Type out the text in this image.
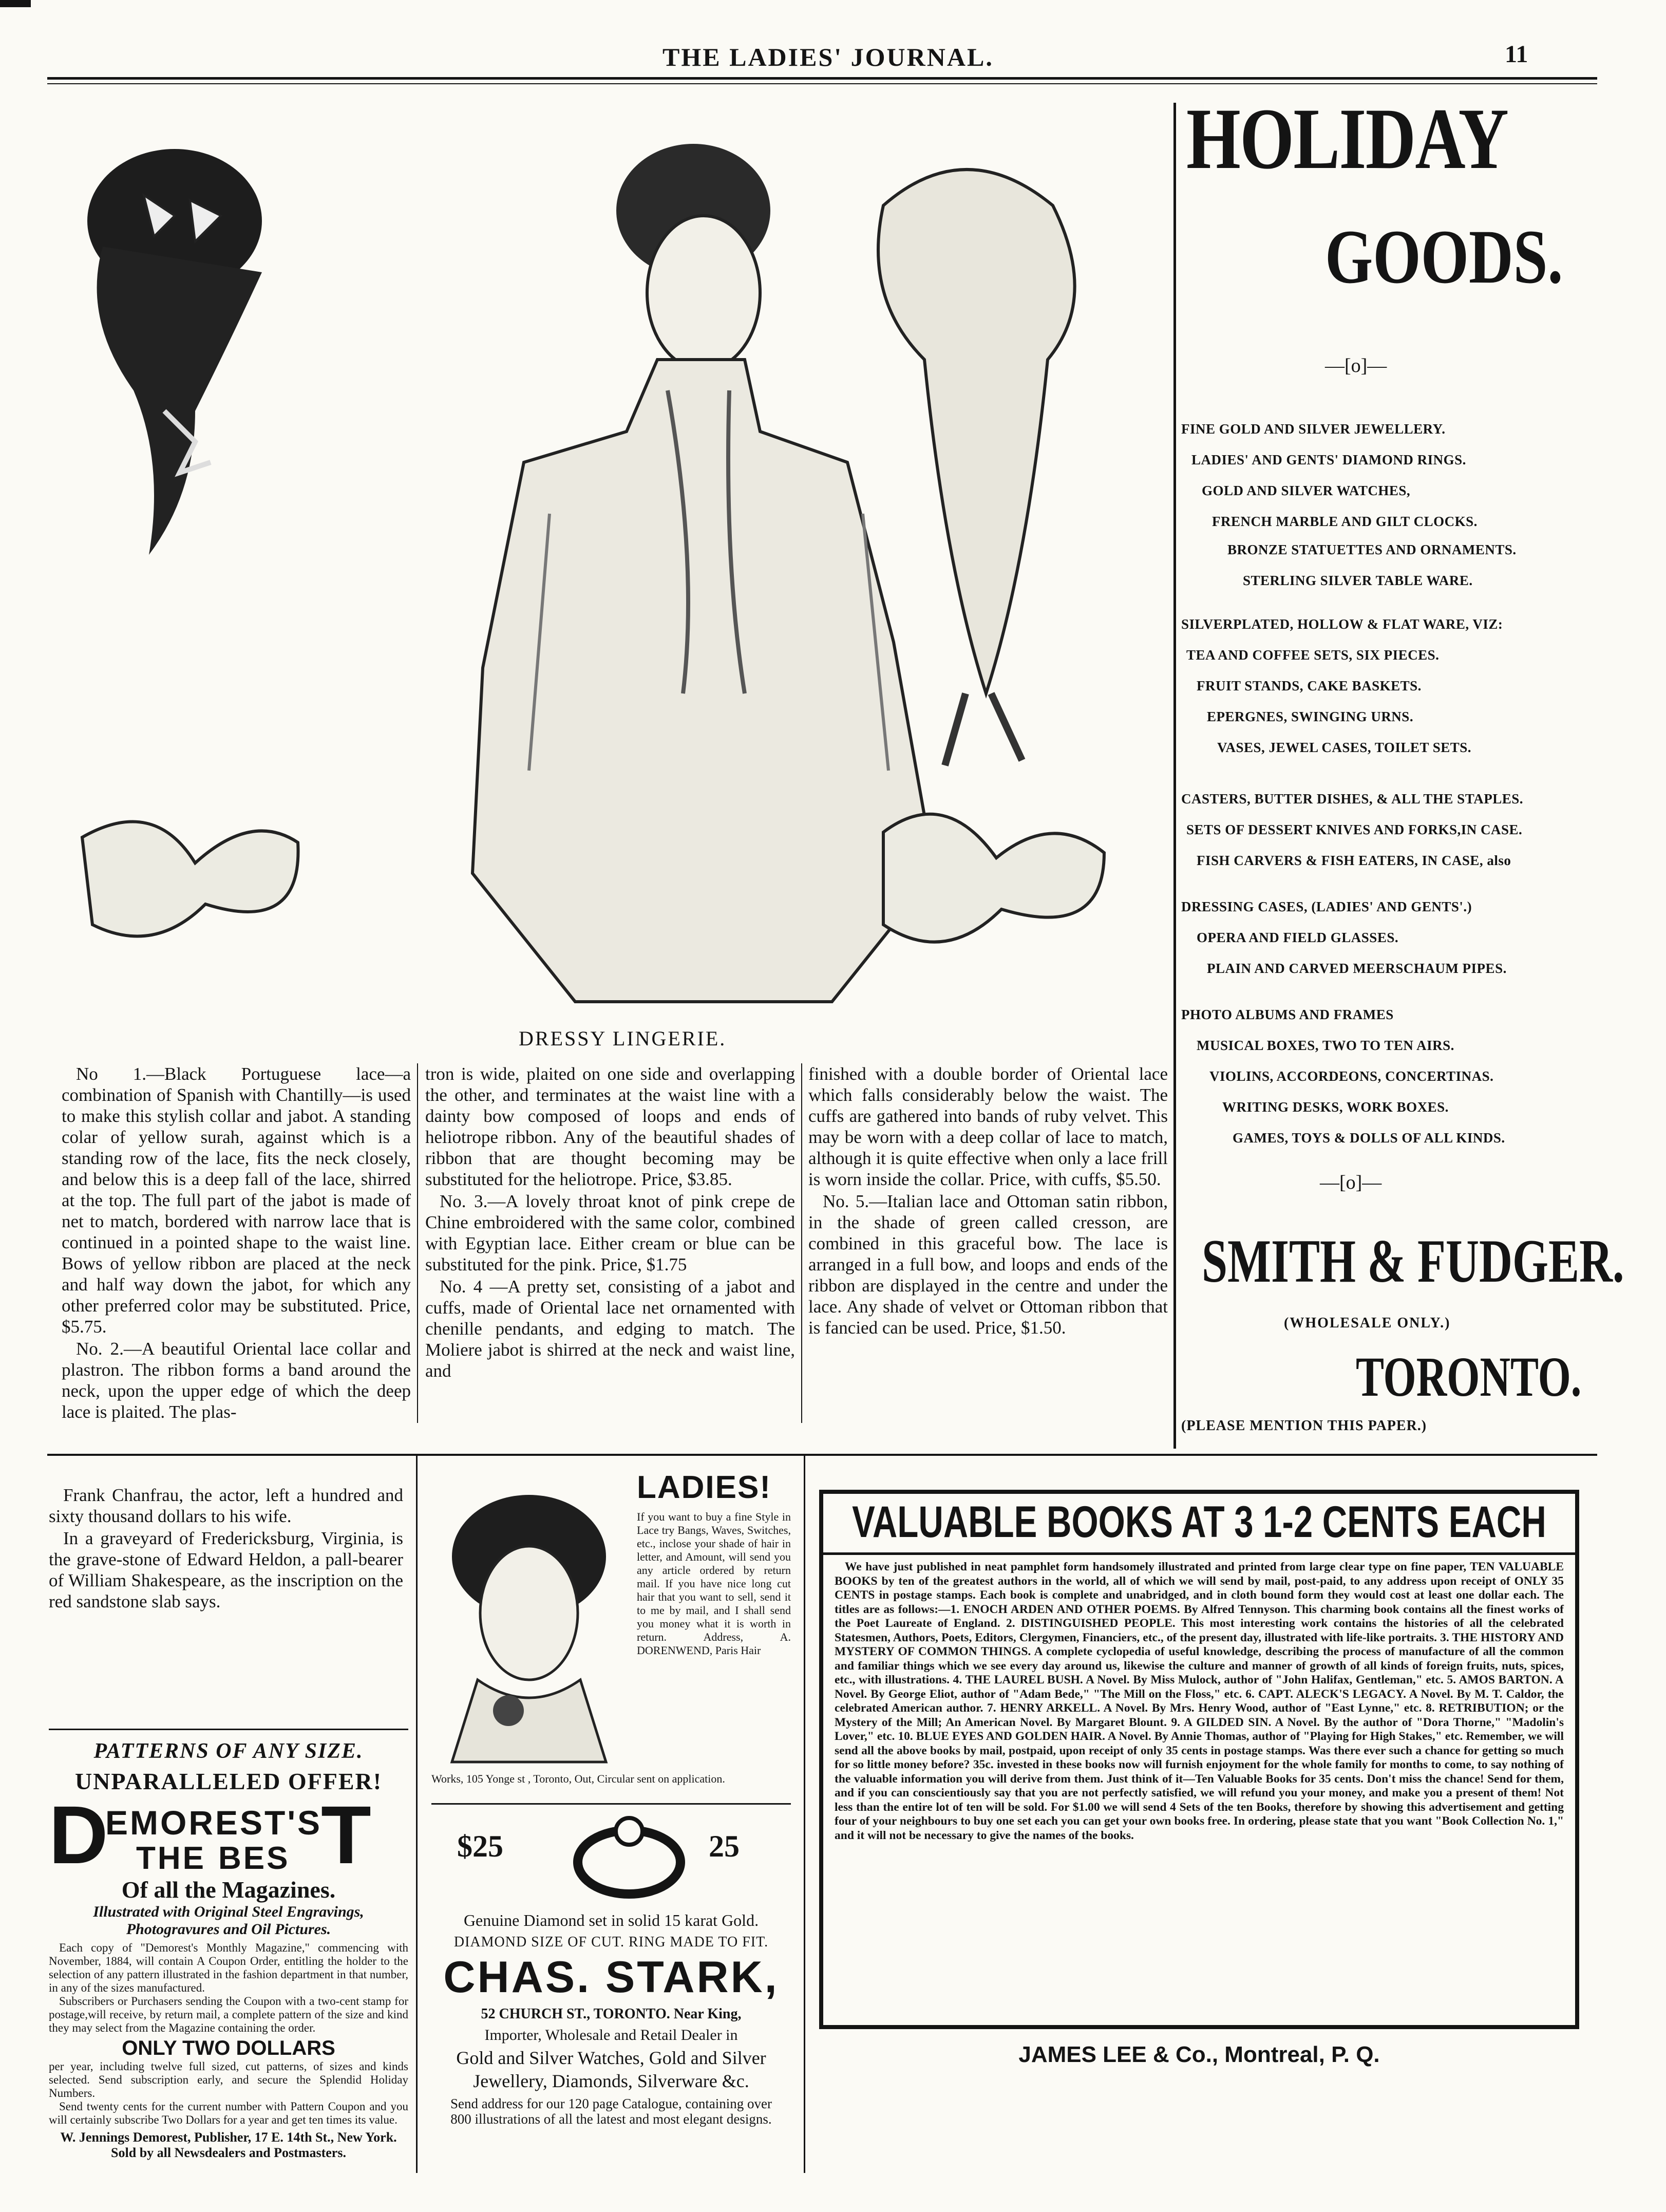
THE LADIES' JOURNAL.	11
DRESSY LINGERIE.

No 1.—Black Portuguese lace—a combination of Spanish with Chantilly—is used to make this stylish collar and jabot. A standing colar of yellow surah, against which is a standing row of the lace, fits the neck closely, and below this is a deep fall of the lace, shirred at the top. The full part of the jabot is made of net to match, bordered with narrow lace that is continued in a pointed shape to the waist line. Bows of yellow ribbon are placed at the neck and half way down the jabot, for which any other preferred color may be substituted. Price, $5.75.

No. 2.—A beautiful Oriental lace collar and plastron. The ribbon forms a band around the neck, upon the upper edge of which the deep lace is plaited. The plas-

tron is wide, plaited on one side and overlapping the other, and terminates at the waist line with a dainty bow composed of loops and ends of heliotrope ribbon. Any of the beautiful shades of ribbon that are thought becoming may be substituted for the heliotrope. Price, $3.85.

No. 3.—A lovely throat knot of pink crepe de Chine embroidered with the same color, combined with Egyptian lace. Either cream or blue can be substituted for the pink. Price, $1.75

No. 4 —A pretty set, consisting of a jabot and cuffs, made of Oriental lace net ornamented with chenille pendants, and edging to match. The Moliere jabot is shirred at the neck and waist line, and

finished with a double border of Oriental lace which falls considerably below the waist. The cuffs are gathered into bands of ruby velvet. This may be worn with a deep collar of lace to match, although it is quite effective when only a lace frill is worn inside the collar. Price, with cuffs, $5.50.

No. 5.—Italian lace and Ottoman satin ribbon, in the shade of green called cresson, are combined in this graceful bow. The lace is arranged in a full bow, and loops and ends of the ribbon are displayed in the centre and under the lace. Any shade of velvet or Ottoman ribbon that is fancied can be used. Price, $1.50.

HOLIDAY
GOODS.
—[o]—
FINE GOLD AND SILVER JEWELLERY.
LADIES' AND GENTS' DIAMOND RINGS.
GOLD AND SILVER WATCHES,
FRENCH MARBLE AND GILT CLOCKS.
BRONZE STATUETTES AND ORNAMENTS.
STERLING SILVER TABLE WARE.
SILVERPLATED, HOLLOW & FLAT WARE, VIZ:
TEA AND COFFEE SETS, SIX PIECES.
FRUIT STANDS, CAKE BASKETS.
EPERGNES, SWINGING URNS.
VASES, JEWEL CASES, TOILET SETS.
CASTERS, BUTTER DISHES, & ALL THE STAPLES.
SETS OF DESSERT KNIVES AND FORKS,IN CASE.
FISH CARVERS & FISH EATERS, IN CASE, also
DRESSING CASES, (LADIES' AND GENTS'.)
OPERA AND FIELD GLASSES.
PLAIN AND CARVED MEERSCHAUM PIPES.
PHOTO ALBUMS AND FRAMES
MUSICAL BOXES, TWO TO TEN AIRS.
VIOLINS, ACCORDEONS, CONCERTINAS.
WRITING DESKS, WORK BOXES.
GAMES, TOYS & DOLLS OF ALL KINDS.
—[o]—
SMITH & FUDGER.
(WHOLESALE ONLY.)
TORONTO.
(PLEASE MENTION THIS PAPER.)

Frank Chanfrau, the actor, left a hundred and sixty thousand dollars to his wife.

In a graveyard of Fredericksburg, Virginia, is the grave-stone of Edward Heldon, a pall-bearer of William Shakespeare, as the inscription on the red sandstone slab says.

PATTERNS OF ANY SIZE.
UNPARALLELED OFFER!
D
EMOREST'S
THE BES T
Of all the Magazines.
Illustrated with Original Steel Engravings, Photogravures and Oil Pictures.
Each copy of "Demorest's Monthly Magazine," commencing with November, 1884, will contain A Coupon Order, entitling the holder to the selection of any pattern illustrated in the fashion department in that number, in any of the sizes manufactured.
Subscribers or Purchasers sending the Coupon with a two-cent stamp for postage,will receive, by return mail, a complete pattern of the size and kind they may select from the Magazine containing the order.
ONLY TWO DOLLARS
per year, including twelve full sized, cut patterns, of sizes and kinds selected. Send subscription early, and secure the Splendid Holiday Numbers.
Send twenty cents for the current number with Pattern Coupon and you will certainly subscribe Two Dollars for a year and get ten times its value.
W. Jennings Demorest, Publisher, 17 E. 14th St., New York.
Sold by all Newsdealers and Postmasters.
LADIES!
If you want to buy a fine Style in Lace try Bangs, Waves, Switches, etc., inclose your shade of hair in letter, and Amount, will send you any article ordered by return mail. If you have nice long cut hair that you want to sell, send it to me by mail, and I shall send you money what it is worth in return. Address, A. DORENWEND, Paris Hair
Works, 105 Yonge st , Toronto, Out, Circular sent on application.
$25	25
Genuine Diamond set in solid 15 karat Gold.
DIAMOND SIZE OF CUT. RING MADE TO FIT.
CHAS. STARK,
52 CHURCH ST., TORONTO. Near King,
Importer, Wholesale and Retail Dealer in
Gold and Silver Watches, Gold and Silver
Jewellery, Diamonds, Silverware &c.
Send address for our 120 page Catalogue, containing over 800 illustrations of all the latest and most elegant designs.
VALUABLE BOOKS AT 3 1-2 CENTS EACH
We have just published in neat pamphlet form handsomely illustrated and printed from large clear type on fine paper, TEN VALUABLE BOOKS by ten of the greatest authors in the world, all of which we will send by mail, post-paid, to any address upon receipt of ONLY 35 CENTS in postage stamps. Each book is complete and unabridged, and in cloth bound form they would cost at least one dollar each. The titles are as follows:—1. ENOCH ARDEN AND OTHER POEMS. By Alfred Tennyson. This charming book contains all the finest works of the Poet Laureate of England. 2. DISTINGUISHED PEOPLE. This most interesting work contains the histories of all the celebrated Statesmen, Authors, Poets, Editors, Clergymen, Financiers, etc., of the present day, illustrated with life-like portraits. 3. THE HISTORY AND MYSTERY OF COMMON THINGS. A complete cyclopedia of useful knowledge, describing the process of manufacture of all the common and familiar things which we see every day around us, likewise the culture and manner of growth of all kinds of foreign fruits, nuts, spices, etc., with illustrations. 4. THE LAUREL BUSH. A Novel. By Miss Mulock, author of "John Halifax, Gentleman," etc. 5. AMOS BARTON. A Novel. By George Eliot, author of "Adam Bede," "The Mill on the Floss," etc. 6. CAPT. ALECK'S LEGACY. A Novel. By M. T. Caldor, the celebrated American author. 7. HENRY ARKELL. A Novel. By Mrs. Henry Wood, author of "East Lynne," etc. 8. RETRIBUTION; or the Mystery of the Mill; An American Novel. By Margaret Blount. 9. A GILDED SIN. A Novel. By the author of "Dora Thorne," "Madolin's Lover," etc. 10. BLUE EYES AND GOLDEN HAIR. A Novel. By Annie Thomas, author of "Playing for High Stakes," etc. Remember, we will send all the above books by mail, postpaid, upon receipt of only 35 cents in postage stamps. Was there ever such a chance for getting so much for so little money before? 35c. invested in these books now will furnish enjoyment for the whole family for months to come, to say nothing of the valuable information you will derive from them. Just think of it—Ten Valuable Books for 35 cents. Don't miss the chance! Send for them, and if you can conscientiously say that you are not perfectly satisfied, we will refund you your money, and make you a present of them! Not less than the entire lot of ten will be sold. For $1.00 we will send 4 Sets of the ten Books, therefore by showing this advertisement and getting four of your neighbours to buy one set each you can get your own books free. In ordering, please state that you want "Book Collection No. 1," and it will not be necessary to give the names of the books.
JAMES LEE & Co., Montreal, P. Q.
